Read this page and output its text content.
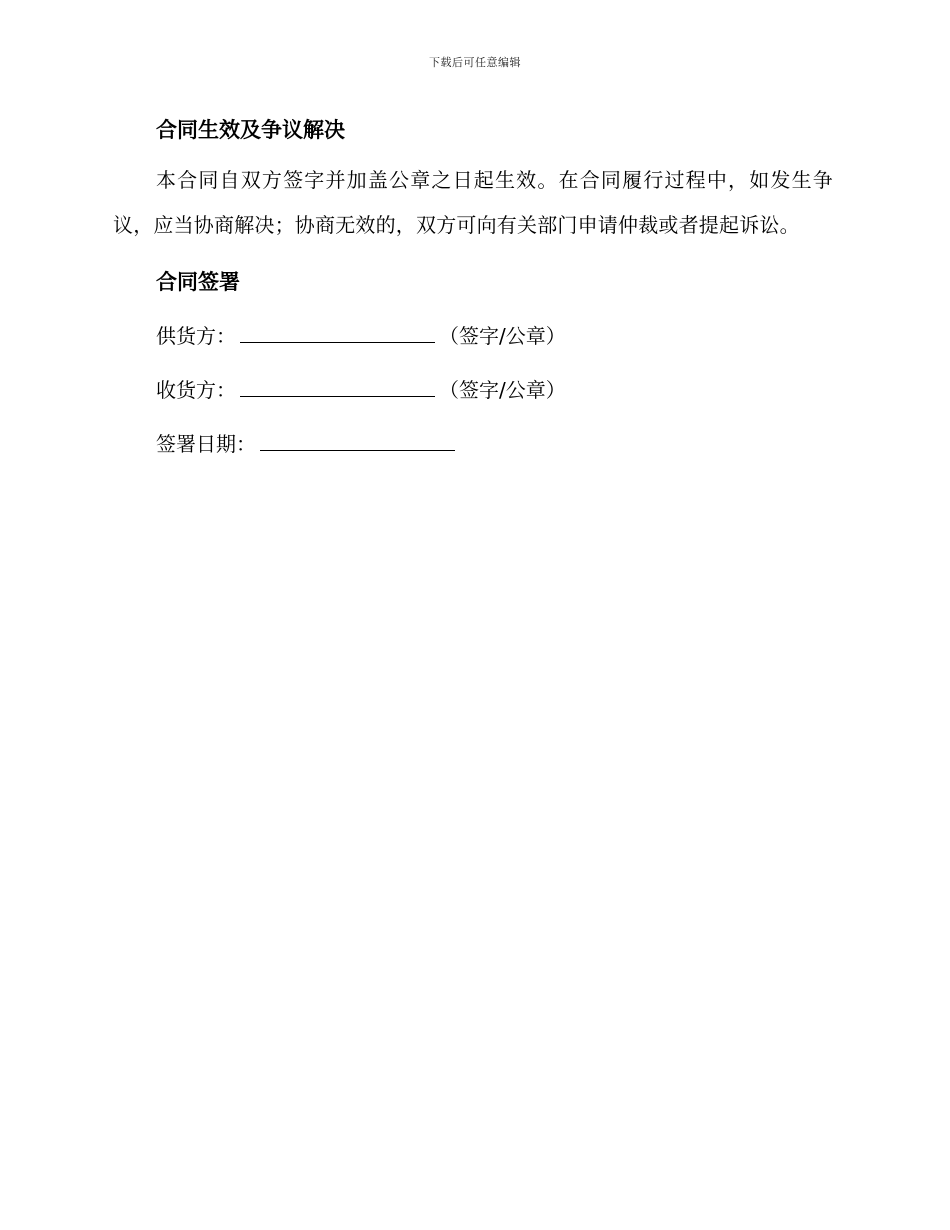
下载后可任意编辑
合同生效及争议解决

本合同自双方签字并加盖公章之日起生效。在合同履行过程中，如发生争议，应当协商解决；协商无效的，双方可向有关部门申请仲裁或者提起诉讼。

合同签署
供货方：	（签字/公章）
收货方：	（签字/公章）
签署日期：
